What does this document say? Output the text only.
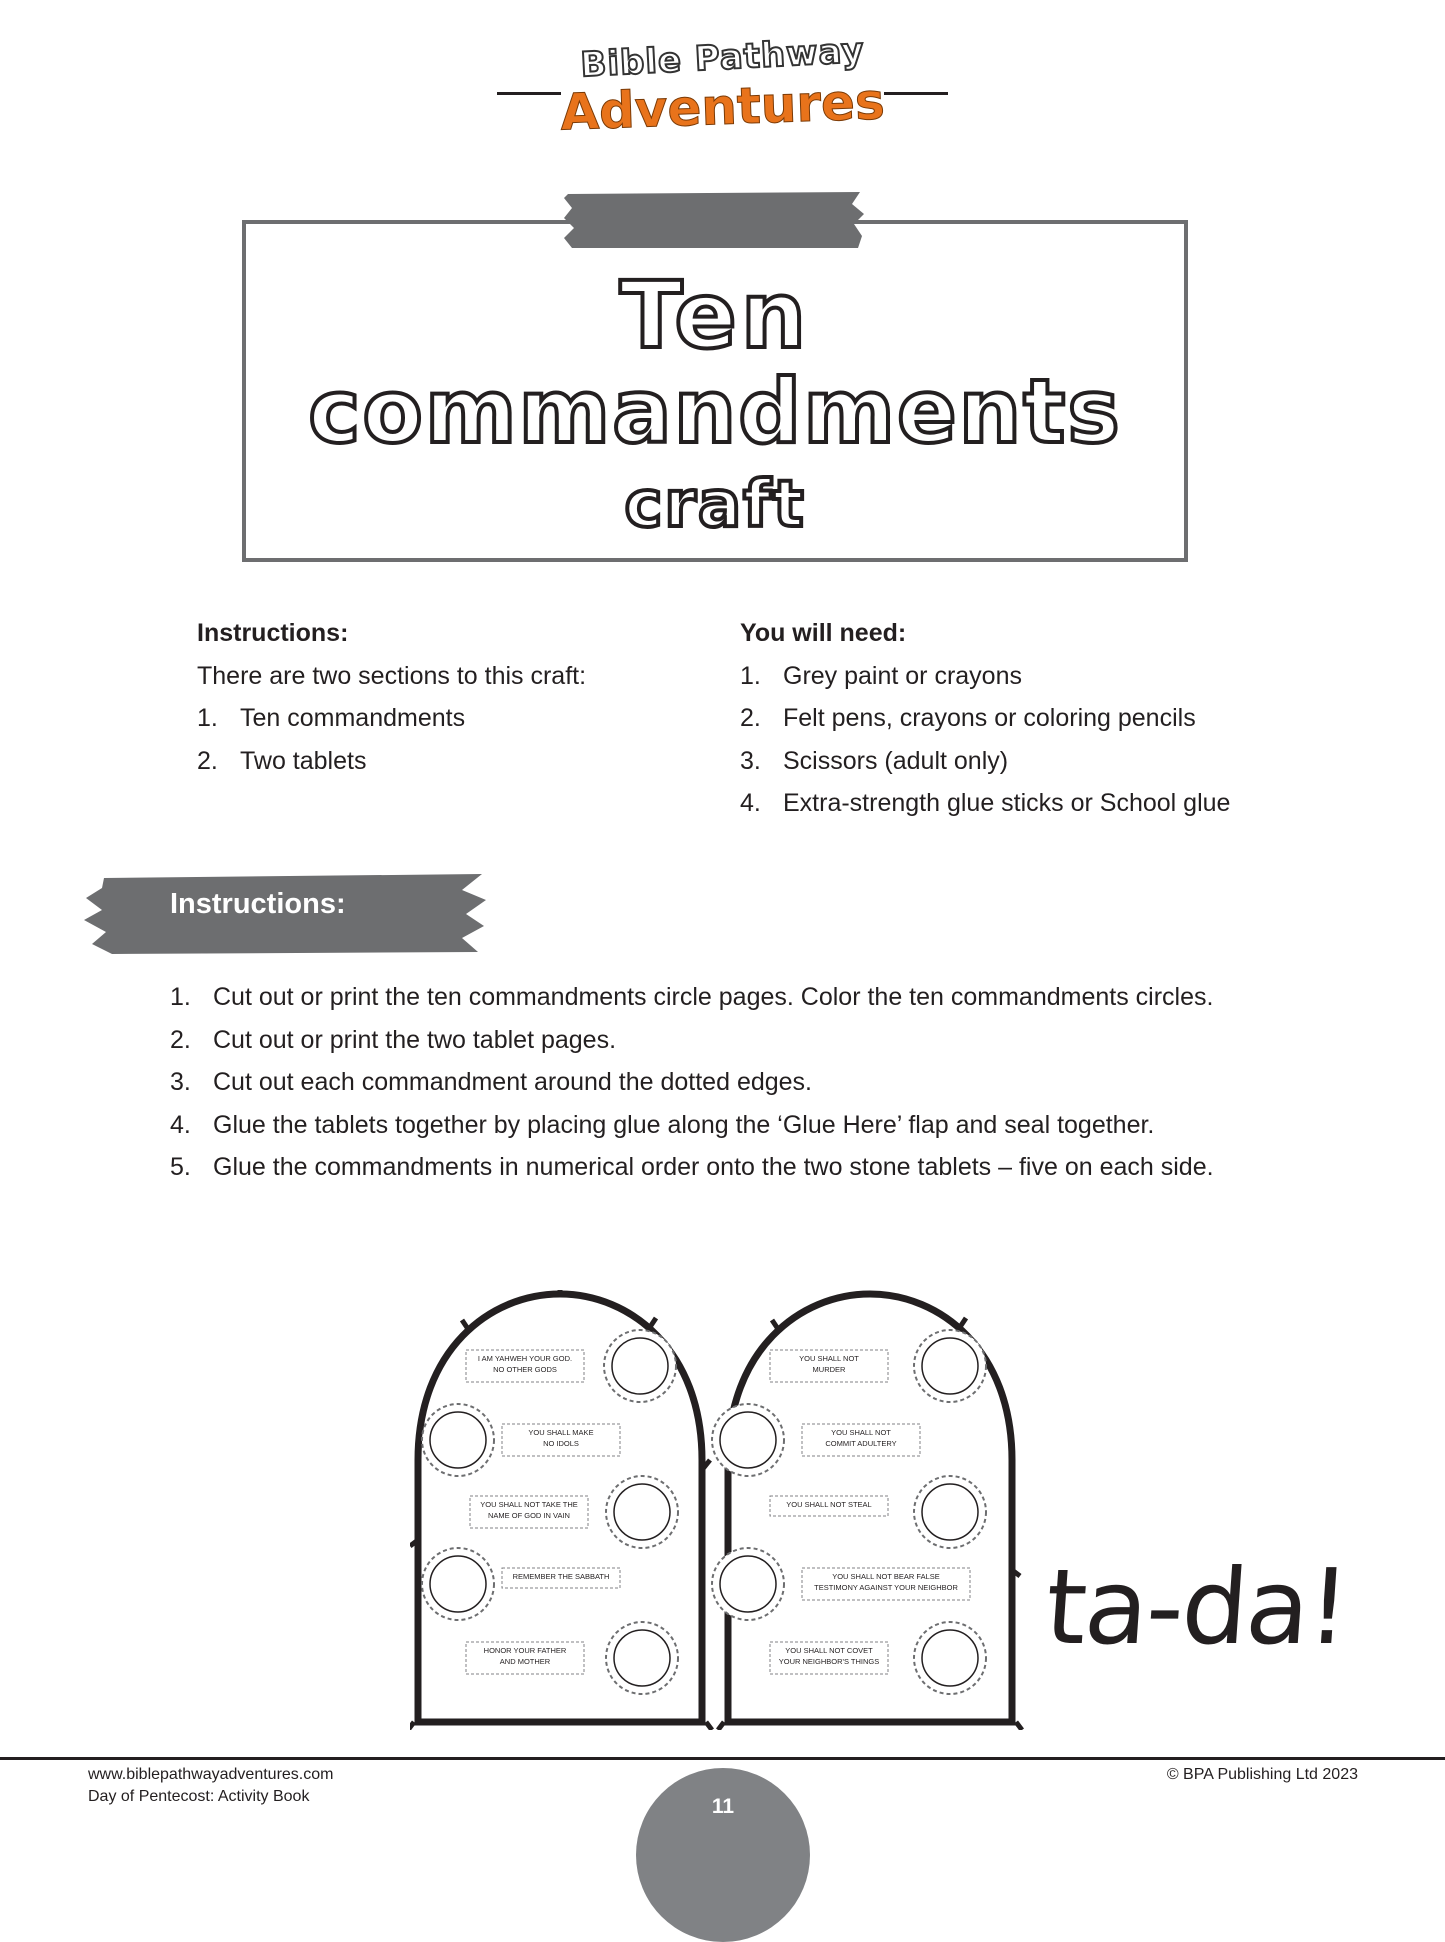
Bible Pathway
Adventures
Ten
commandments
craft
Instructions:
There are two sections to this craft:
1. Ten commandments
2. Two tablets
You will need:
1. Grey paint or crayons
2. Felt pens, crayons or coloring pencils
3. Scissors (adult only)
4. Extra-strength glue sticks or School glue
Instructions:
1. Cut out or print the ten commandments circle pages. Color the ten commandments circles.
2. Cut out or print the two tablet pages.
3. Cut out each commandment around the dotted edges.
4. Glue the tablets together by placing glue along the ‘Glue Here’ flap and seal together.
5. Glue the commandments in numerical order onto the two stone tablets – five on each side.
I AM YAHWEH YOUR GOD.
NO OTHER GODS
YOU SHALL MAKE
NO IDOLS
YOU SHALL NOT TAKE THE
NAME OF GOD IN VAIN
REMEMBER THE SABBATH
HONOR YOUR FATHER
AND MOTHER
YOU SHALL NOT
MURDER
YOU SHALL NOT
COMMIT ADULTERY
YOU SHALL NOT STEAL
YOU SHALL NOT BEAR FALSE
TESTIMONY AGAINST YOUR NEIGHBOR
YOU SHALL NOT COVET
YOUR NEIGHBOR'S THINGS ta-da!
www.biblepathwayadventures.com
Day of Pentecost: Activity Book
© BPA Publishing Ltd 2023
11
